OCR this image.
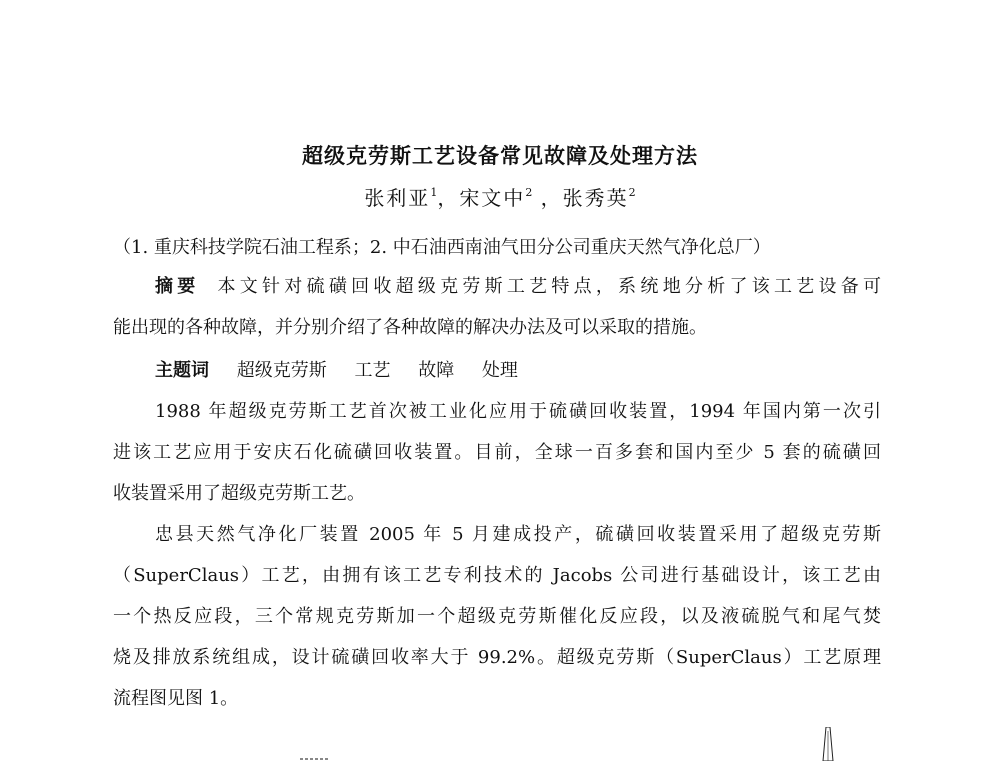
超级克劳斯工艺设备常见故障及处理方法
张利亚$^1$，宋文中$^2$ ，张秀英$^2$
（1. 重庆科技学院石油工程系；2. 中石油西南油气田分公司重庆天然气净化总厂）
摘要 本文针对硫磺回收超级克劳斯工艺特点，系统地分析了该工艺设备可
能出现的各种故障，并分别介绍了各种故障的解决办法及可以采取的措施。
主题词 超级克劳斯 工艺 故障 处理
1988 年超级克劳斯工艺首次被工业化应用于硫磺回收装置，1994 年国内第一次引
进该工艺应用于安庆石化硫磺回收装置。目前，全球一百多套和国内至少 5 套的硫磺回
收装置采用了超级克劳斯工艺。
忠县天然气净化厂装置 2005 年 5 月建成投产，硫磺回收装置采用了超级克劳斯
（SuperClaus）工艺，由拥有该工艺专利技术的 Jacobs 公司进行基础设计，该工艺由
一个热反应段，三个常规克劳斯加一个超级克劳斯催化反应段，以及液硫脱气和尾气焚
烧及排放系统组成，设计硫磺回收率大于 99.2%。超级克劳斯（SuperClaus）工艺原理
流程图见图 1。
